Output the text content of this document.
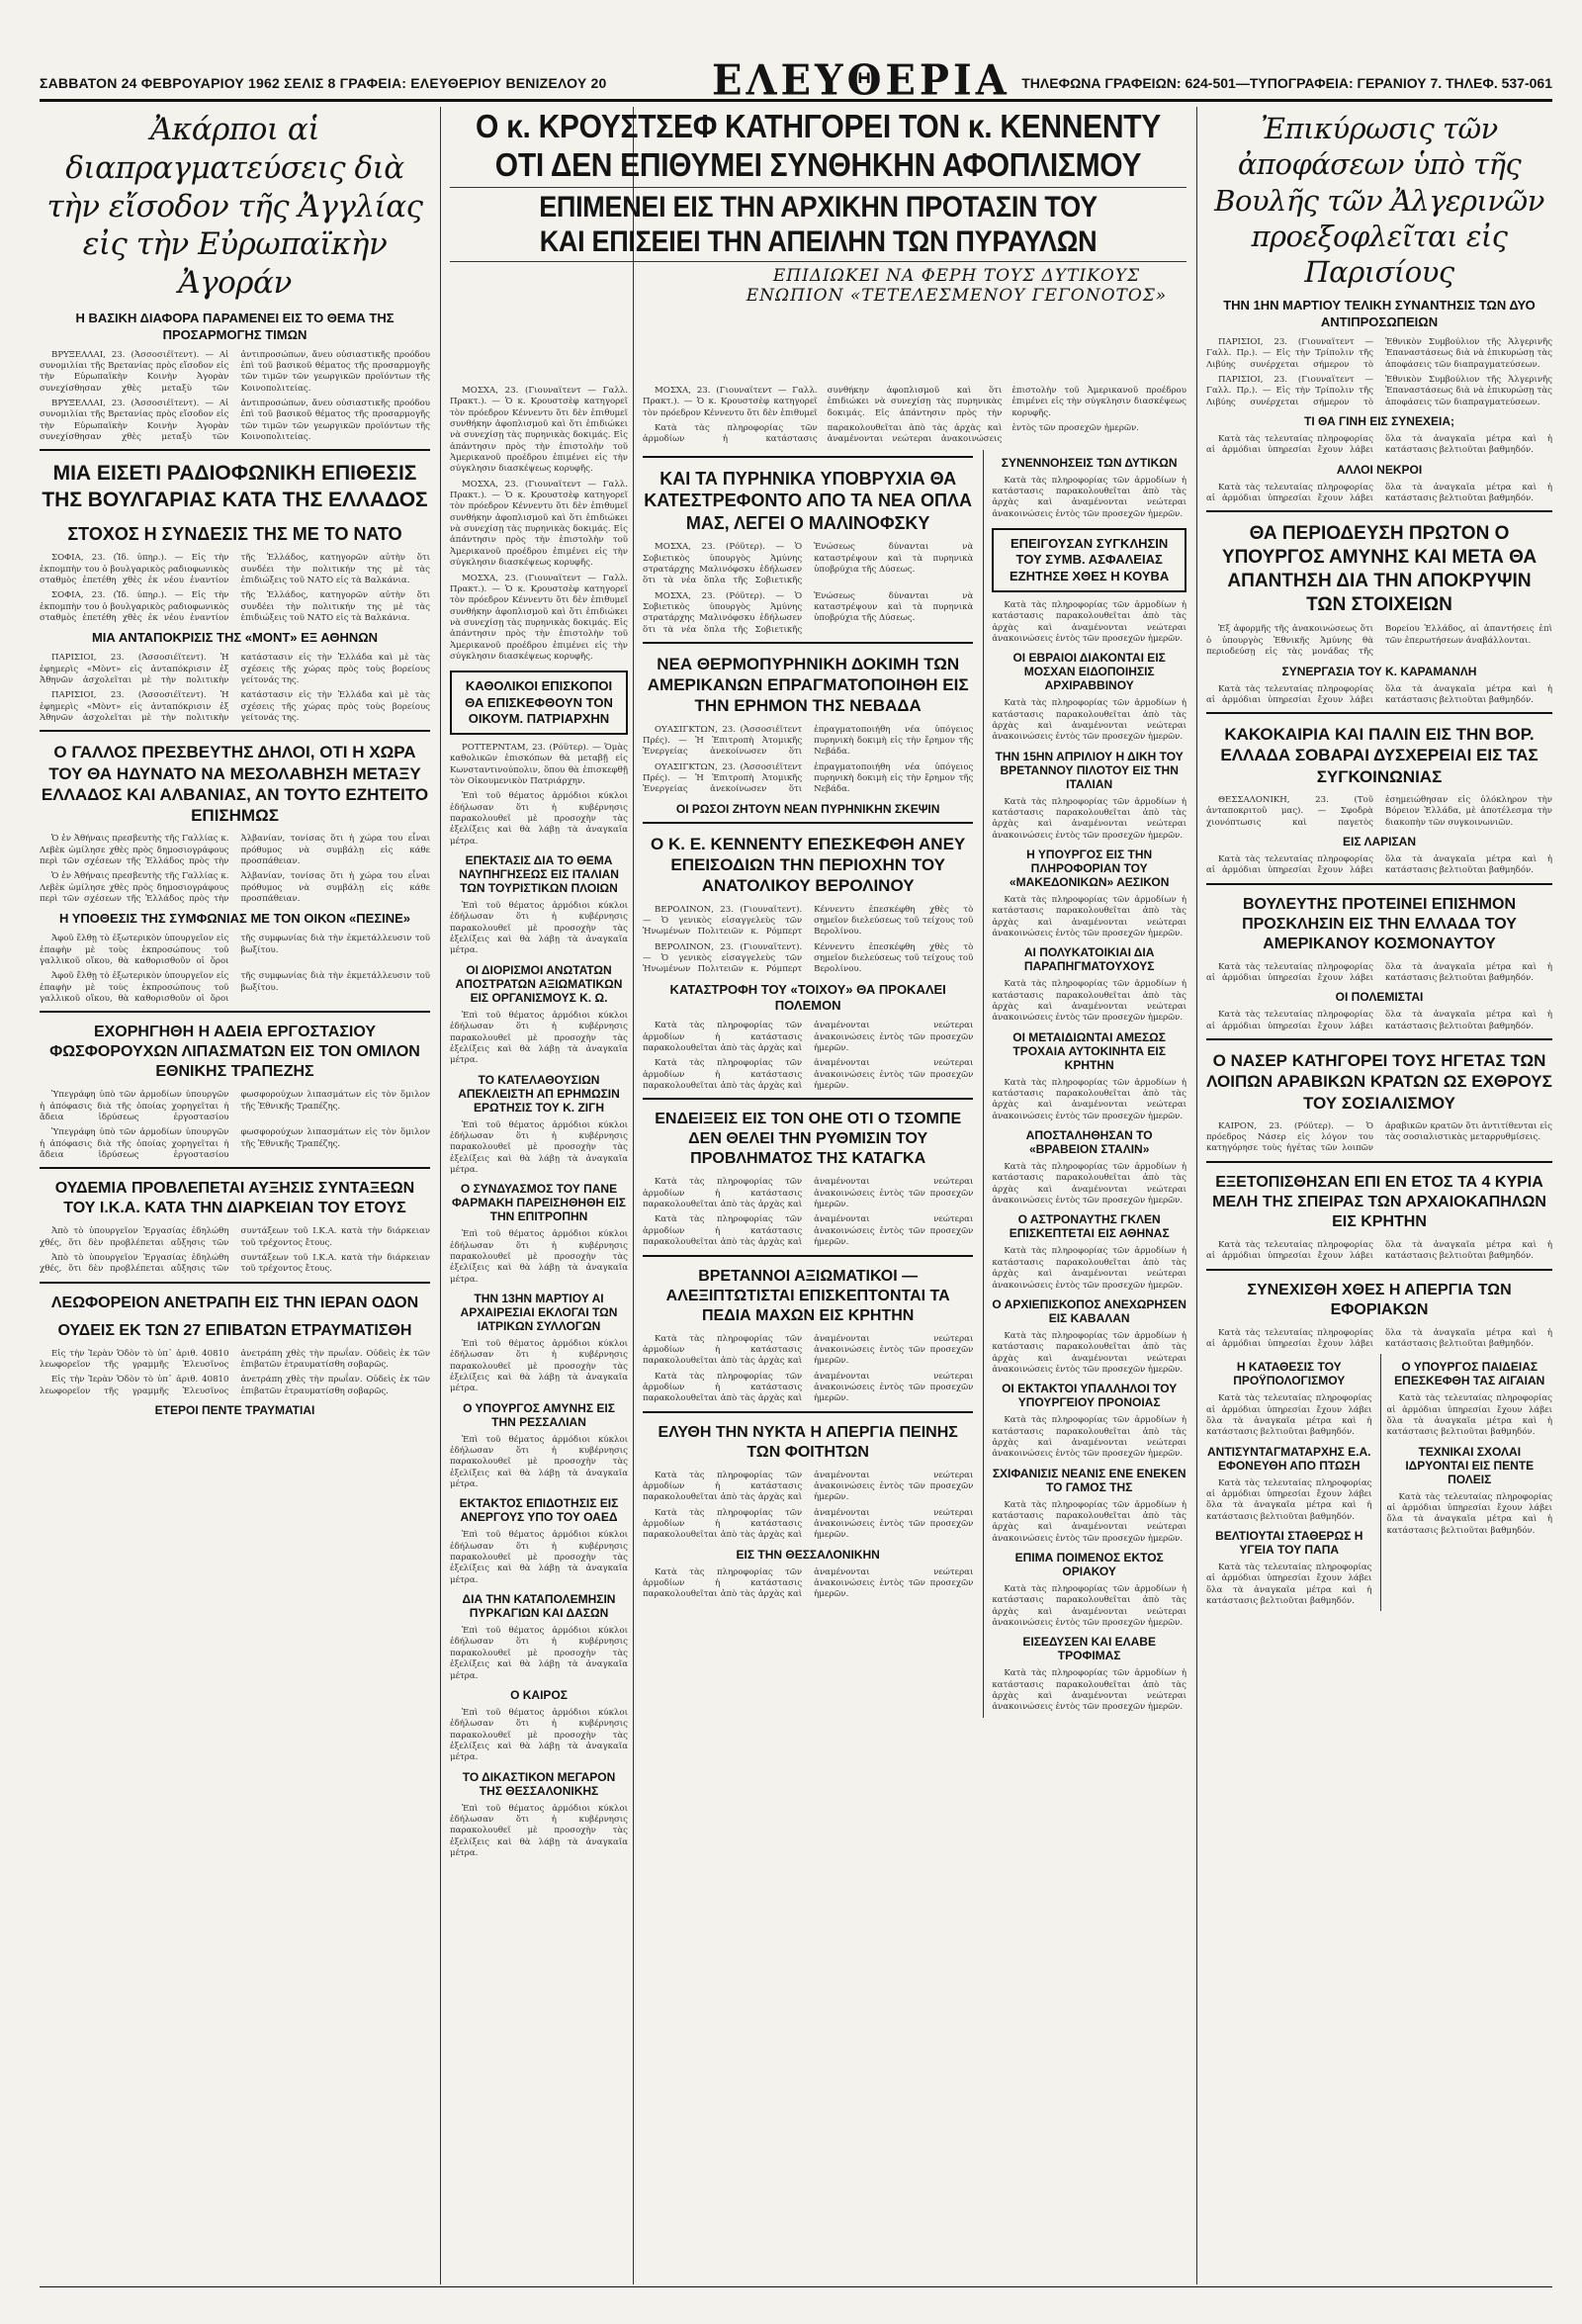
ΣΑΒΒΑΤΟΝ 24 ΦΕΒΡΟΥΑΡΙΟΥ 1962 ΣΕΛΙΣ 8 ΓΡΑΦΕΙΑ: ΕΛΕΥΘΕΡΙΟΥ ΒΕΝΙΖΕΛΟΥ 20	ΕΛΕΥΘΕΡΙΑ ΤΗΛΕΦΩΝΑ ΓΡΑΦΕΙΩΝ: 624-501—ΤΥΠΟΓΡΑΦΕΙΑ: ΓΕΡΑΝΙΟΥ 7. ΤΗΛΕΦ. 537-061
Ἀκάρποι αἱ διαπραγματεύσεις διὰ τὴν εἴσοδον τῆς Ἀγγλίας εἰς τὴν Εὐρωπαϊκὴν Ἀγοράν
Η ΒΑΣΙΚΗ ΔΙΑΦΟΡΑ ΠΑΡΑΜΕΝΕΙ ΕΙΣ ΤΟ ΘΕΜΑ ΤΗΣ ΠΡΟΣΑΡΜΟΓΗΣ ΤΙΜΩΝ
ΒΡΥΞΕΛΛΑΙ, 23. (Ἀσσοσιέϊτεντ). — Αἱ συνομιλίαι τῆς Βρετανίας πρὸς εἴσοδον εἰς τὴν Εὐρωπαϊκὴν Κοινὴν Ἀγορὰν συνεχίσθησαν χθὲς μεταξὺ τῶν ἀντιπροσώπων, ἄνευ οὐσιαστικῆς προόδου ἐπὶ τοῦ βασικοῦ θέματος τῆς προσαρμογῆς τῶν τιμῶν τῶν γεωργικῶν προϊόντων τῆς Κοινοπολιτείας.
ΒΡΥΞΕΛΛΑΙ, 23. (Ἀσσοσιέϊτεντ). — Αἱ συνομιλίαι τῆς Βρετανίας πρὸς εἴσοδον εἰς τὴν Εὐρωπαϊκὴν Κοινὴν Ἀγορὰν συνεχίσθησαν χθὲς μεταξὺ τῶν ἀντιπροσώπων, ἄνευ οὐσιαστικῆς προόδου ἐπὶ τοῦ βασικοῦ θέματος τῆς προσαρμογῆς τῶν τιμῶν τῶν γεωργικῶν προϊόντων τῆς Κοινοπολιτείας.
ΜΙΑ ΕΙΣΕΤΙ ΡΑΔΙΟΦΩΝΙΚΗ ΕΠΙΘΕΣΙΣ ΤΗΣ ΒΟΥΛΓΑΡΙΑΣ ΚΑΤΑ ΤΗΣ ΕΛΛΑΔΟΣ
ΣΤΟΧΟΣ Η ΣΥΝΔΕΣΙΣ ΤΗΣ ΜΕ ΤΟ ΝΑΤΟ
ΣΟΦΙΑ, 23. (Ἰδ. ὑπηρ.). — Εἰς τὴν ἐκπομπὴν του ὁ βουλγαρικὸς ραδιοφωνικὸς σταθμὸς ἐπετέθη χθὲς ἐκ νέου ἐναντίον τῆς Ἑλλάδος, κατηγορῶν αὐτὴν ὅτι συνδέει τὴν πολιτικήν της μὲ τὰς ἐπιδιώξεις τοῦ ΝΑΤΟ εἰς τὰ Βαλκάνια.
ΣΟΦΙΑ, 23. (Ἰδ. ὑπηρ.). — Εἰς τὴν ἐκπομπὴν του ὁ βουλγαρικὸς ραδιοφωνικὸς σταθμὸς ἐπετέθη χθὲς ἐκ νέου ἐναντίον τῆς Ἑλλάδος, κατηγορῶν αὐτὴν ὅτι συνδέει τὴν πολιτικήν της μὲ τὰς ἐπιδιώξεις τοῦ ΝΑΤΟ εἰς τὰ Βαλκάνια.
ΜΙΑ ΑΝΤΑΠΟΚΡΙΣΙΣ ΤΗΣ «ΜΟΝΤ» ΕΞ ΑΘΗΝΩΝ
ΠΑΡΙΣΙΟΙ, 23. (Ἀσσοσιέϊτεντ). Ἡ ἐφημερὶς «Μὸντ» εἰς ἀνταπόκρισιν ἐξ Ἀθηνῶν ἀσχολεῖται μὲ τὴν πολιτικὴν κατάστασιν εἰς τὴν Ἑλλάδα καὶ μὲ τὰς σχέσεις τῆς χώρας πρὸς τοὺς βορείους γείτονάς της.
ΠΑΡΙΣΙΟΙ, 23. (Ἀσσοσιέϊτεντ). Ἡ ἐφημερὶς «Μὸντ» εἰς ἀνταπόκρισιν ἐξ Ἀθηνῶν ἀσχολεῖται μὲ τὴν πολιτικὴν κατάστασιν εἰς τὴν Ἑλλάδα καὶ μὲ τὰς σχέσεις τῆς χώρας πρὸς τοὺς βορείους γείτονάς της.
Ο ΓΑΛΛΟΣ ΠΡΕΣΒΕΥΤΗΣ ΔΗΛΟΙ, ΟΤΙ Η ΧΩΡΑ ΤΟΥ ΘΑ ΗΔΥΝΑΤΟ ΝΑ ΜΕΣΟΛΑΒΗΣΗ ΜΕΤΑΞΥ ΕΛΛΑΔΟΣ ΚΑΙ ΑΛΒΑΝΙΑΣ, ΑΝ ΤΟΥΤΟ ΕΖΗΤΕΙΤΟ ΕΠΙΣΗΜΩΣ
Ὁ ἐν Ἀθήναις πρεσβευτὴς τῆς Γαλλίας κ. Λεβὲκ ὡμίλησε χθὲς πρὸς δημοσιογράφους περὶ τῶν σχέσεων τῆς Ἑλλάδος πρὸς τὴν Ἀλβανίαν, τονίσας ὅτι ἡ χώρα του εἶναι πρόθυμος νὰ συμβάλῃ εἰς κάθε προσπάθειαν.
Ὁ ἐν Ἀθήναις πρεσβευτὴς τῆς Γαλλίας κ. Λεβὲκ ὡμίλησε χθὲς πρὸς δημοσιογράφους περὶ τῶν σχέσεων τῆς Ἑλλάδος πρὸς τὴν Ἀλβανίαν, τονίσας ὅτι ἡ χώρα του εἶναι πρόθυμος νὰ συμβάλῃ εἰς κάθε προσπάθειαν.
Η ΥΠΟΘΕΣΙΣ ΤΗΣ ΣΥΜΦΩΝΙΑΣ ΜΕ ΤΟΝ ΟΙΚΟΝ «ΠΕΣΙΝΕ»
Ἀφοῦ ἔλθῃ τὸ ἐξωτερικὸν ὑπουργεῖον εἰς ἐπαφὴν μὲ τοὺς ἐκπροσώπους τοῦ γαλλικοῦ οἴκου, θὰ καθορισθοῦν οἱ ὅροι τῆς συμφωνίας διὰ τὴν ἐκμετάλλευσιν τοῦ βωξίτου.
Ἀφοῦ ἔλθῃ τὸ ἐξωτερικὸν ὑπουργεῖον εἰς ἐπαφὴν μὲ τοὺς ἐκπροσώπους τοῦ γαλλικοῦ οἴκου, θὰ καθορισθοῦν οἱ ὅροι τῆς συμφωνίας διὰ τὴν ἐκμετάλλευσιν τοῦ βωξίτου.
ΕΧΟΡΗΓΗΘΗ Η ΑΔΕΙΑ ΕΡΓΟΣΤΑΣΙΟΥ ΦΩΣΦΟΡΟΥΧΩΝ ΛΙΠΑΣΜΑΤΩΝ ΕΙΣ ΤΟΝ ΟΜΙΛΟΝ ΕΘΝΙΚΗΣ ΤΡΑΠΕΖΗΣ
Ὑπεγράφη ὑπὸ τῶν ἁρμοδίων ὑπουργῶν ἡ ἀπόφασις διὰ τῆς ὁποίας χορηγεῖται ἡ ἄδεια ἱδρύσεως ἐργοστασίου φωσφορούχων λιπασμάτων εἰς τὸν ὅμιλον τῆς Ἐθνικῆς Τραπέζης.
Ὑπεγράφη ὑπὸ τῶν ἁρμοδίων ὑπουργῶν ἡ ἀπόφασις διὰ τῆς ὁποίας χορηγεῖται ἡ ἄδεια ἱδρύσεως ἐργοστασίου φωσφορούχων λιπασμάτων εἰς τὸν ὅμιλον τῆς Ἐθνικῆς Τραπέζης.
ΟΥΔΕΜΙΑ ΠΡΟΒΛΕΠΕΤΑΙ ΑΥΞΗΣΙΣ ΣΥΝΤΑΞΕΩΝ ΤΟΥ Ι.Κ.Α. ΚΑΤΑ ΤΗΝ ΔΙΑΡΚΕΙΑΝ ΤΟΥ ΕΤΟΥΣ
Ἀπὸ τὸ ὑπουργεῖον Ἐργασίας ἐδηλώθη χθές, ὅτι δὲν προβλέπεται αὔξησις τῶν συντάξεων τοῦ Ι.Κ.Α. κατὰ τὴν διάρκειαν τοῦ τρέχοντος ἔτους.
Ἀπὸ τὸ ὑπουργεῖον Ἐργασίας ἐδηλώθη χθές, ὅτι δὲν προβλέπεται αὔξησις τῶν συντάξεων τοῦ Ι.Κ.Α. κατὰ τὴν διάρκειαν τοῦ τρέχοντος ἔτους.
ΛΕΩΦΟΡΕΙΟΝ ΑΝΕΤΡΑΠΗ ΕΙΣ ΤΗΝ ΙΕΡΑΝ ΟΔΟΝ
ΟΥΔΕΙΣ ΕΚ ΤΩΝ 27 ΕΠΙΒΑΤΩΝ ΕΤΡΑΥΜΑΤΙΣΘΗ
Εἰς τὴν Ἱερὰν Ὁδὸν τὸ ὑπ᾽ ἀριθ. 40810 λεωφορεῖον τῆς γραμμῆς Ἐλευσῖνος ἀνετράπη χθὲς τὴν πρωΐαν. Οὐδεὶς ἐκ τῶν ἐπιβατῶν ἐτραυματίσθη σοβαρῶς.
Εἰς τὴν Ἱερὰν Ὁδὸν τὸ ὑπ᾽ ἀριθ. 40810 λεωφορεῖον τῆς γραμμῆς Ἐλευσῖνος ἀνετράπη χθὲς τὴν πρωΐαν. Οὐδεὶς ἐκ τῶν ἐπιβατῶν ἐτραυματίσθη σοβαρῶς.
ΕΤΕΡΟΙ ΠΕΝΤΕ ΤΡΑΥΜΑΤΙΑΙ
Ο κ. ΚΡΟΥΣΤΣΕΦ ΚΑΤΗΓΟΡΕΙ ΤΟΝ κ. ΚΕΝΝΕΝΤΥ
ΟΤΙ ΔΕΝ ΕΠΙΘΥΜΕΙ ΣΥΝΘΗΚΗΝ ΑΦΟΠΛΙΣΜΟΥ
ΕΠΙΜΕΝΕΙ ΕΙΣ ΤΗΝ ΑΡΧΙΚΗΝ ΠΡΟΤΑΣΙΝ ΤΟΥ
ΚΑΙ ΕΠΙΣΕΙΕΙ ΤΗΝ ΑΠΕΙΛΗΝ ΤΩΝ ΠΥΡΑΥΛΩΝ
ΕΠΙΔΙΩΚΕΙ ΝΑ ΦΕΡΗ ΤΟΥΣ ΔΥΤΙΚΟΥΣ ΕΝΩΠΙΟΝ «ΤΕΤΕΛΕΣΜΕΝΟΥ ΓΕΓΟΝΟΤΟΣ»
ΜΟΣΧΑ, 23. (Γιουναϊτεντ — Γαλλ. Πρακτ.). — Ὁ κ. Κρουστσὲφ κατηγορεῖ τὸν πρόεδρον Κέννεντυ ὅτι δὲν ἐπιθυμεῖ συνθήκην ἀφοπλισμοῦ καὶ ὅτι ἐπιδιώκει νὰ συνεχίσῃ τὰς πυρηνικὰς δοκιμάς. Εἰς ἀπάντησιν πρὸς τὴν ἐπιστολὴν τοῦ Ἀμερικανοῦ προέδρου ἐπιμένει εἰς τὴν σύγκλησιν διασκέψεως κορυφῆς.
ΜΟΣΧΑ, 23. (Γιουναϊτεντ — Γαλλ. Πρακτ.). — Ὁ κ. Κρουστσὲφ κατηγορεῖ τὸν πρόεδρον Κέννεντυ ὅτι δὲν ἐπιθυμεῖ συνθήκην ἀφοπλισμοῦ καὶ ὅτι ἐπιδιώκει νὰ συνεχίσῃ τὰς πυρηνικὰς δοκιμάς. Εἰς ἀπάντησιν πρὸς τὴν ἐπιστολὴν τοῦ Ἀμερικανοῦ προέδρου ἐπιμένει εἰς τὴν σύγκλησιν διασκέψεως κορυφῆς.
ΜΟΣΧΑ, 23. (Γιουναϊτεντ — Γαλλ. Πρακτ.). — Ὁ κ. Κρουστσὲφ κατηγορεῖ τὸν πρόεδρον Κέννεντυ ὅτι δὲν ἐπιθυμεῖ συνθήκην ἀφοπλισμοῦ καὶ ὅτι ἐπιδιώκει νὰ συνεχίσῃ τὰς πυρηνικὰς δοκιμάς. Εἰς ἀπάντησιν πρὸς τὴν ἐπιστολὴν τοῦ Ἀμερικανοῦ προέδρου ἐπιμένει εἰς τὴν σύγκλησιν διασκέψεως κορυφῆς.
ΚΑΘΟΛΙΚΟΙ ΕΠΙΣΚΟΠΟΙ ΘΑ ΕΠΙΣΚΕΦΘΟΥΝ ΤΟΝ ΟΙΚΟΥΜ. ΠΑΤΡΙΑΡΧΗΝ
ΡΟΤΤΕΡΝΤΑΜ, 23. (Ρόϋτερ). — Ὁμὰς καθολικῶν ἐπισκόπων θὰ μεταβῇ εἰς Κωνσταντινούπολιν, ὅπου θὰ ἐπισκεφθῇ τὸν Οἰκουμενικὸν Πατριάρχην.
Ἐπὶ τοῦ θέματος ἁρμόδιοι κύκλοι ἐδήλωσαν ὅτι ἡ κυβέρνησις παρακολουθεῖ μὲ προσοχὴν τὰς ἐξελίξεις καὶ θὰ λάβῃ τὰ ἀναγκαῖα μέτρα.
ΕΠΕΚΤΑΣΙΣ ΔΙΑ ΤΟ ΘΕΜΑ ΝΑΥΠΗΓΗΣΕΩΣ ΕΙΣ ΙΤΑΛΙΑΝ ΤΩΝ ΤΟΥΡΙΣΤΙΚΩΝ ΠΛΟΙΩΝ
Ἐπὶ τοῦ θέματος ἁρμόδιοι κύκλοι ἐδήλωσαν ὅτι ἡ κυβέρνησις παρακολουθεῖ μὲ προσοχὴν τὰς ἐξελίξεις καὶ θὰ λάβῃ τὰ ἀναγκαῖα μέτρα.
ΟΙ ΔΙΟΡΙΣΜΟΙ ΑΝΩΤΑΤΩΝ ΑΠΟΣΤΡΑΤΩΝ ΑΞΙΩΜΑΤΙΚΩΝ ΕΙΣ ΟΡΓΑΝΙΣΜΟΥΣ Κ. Ω.
Ἐπὶ τοῦ θέματος ἁρμόδιοι κύκλοι ἐδήλωσαν ὅτι ἡ κυβέρνησις παρακολουθεῖ μὲ προσοχὴν τὰς ἐξελίξεις καὶ θὰ λάβῃ τὰ ἀναγκαῖα μέτρα.
ΤΟ ΚΑΤΕΛΑΘΟΥΣΙΩΝ ΑΠΕΚΛΕΙΣΤΗ ΑΠ ΕΡΗΜΩΣΙΝ ΕΡΩΤΗΣΙΣ ΤΟΥ Κ. ΖΙΓΗ
Ἐπὶ τοῦ θέματος ἁρμόδιοι κύκλοι ἐδήλωσαν ὅτι ἡ κυβέρνησις παρακολουθεῖ μὲ προσοχὴν τὰς ἐξελίξεις καὶ θὰ λάβῃ τὰ ἀναγκαῖα μέτρα.
Ο ΣΥΝΔΥΑΣΜΟΣ ΤΟΥ ΠΑΝΕ ΦΑΡΜΑΚΗ ΠΑΡΕΙΣΗΘΗΘΗ ΕΙΣ ΤΗΝ ΕΠΙΤΡΟΠΗΝ
Ἐπὶ τοῦ θέματος ἁρμόδιοι κύκλοι ἐδήλωσαν ὅτι ἡ κυβέρνησις παρακολουθεῖ μὲ προσοχὴν τὰς ἐξελίξεις καὶ θὰ λάβῃ τὰ ἀναγκαῖα μέτρα.
ΤΗΝ 13ΗΝ ΜΑΡΤΙΟΥ ΑΙ ΑΡΧΑΙΡΕΣΙΑΙ ΕΚΛΟΓΑΙ ΤΩΝ ΙΑΤΡΙΚΩΝ ΣΥΛΛΟΓΩΝ
Ἐπὶ τοῦ θέματος ἁρμόδιοι κύκλοι ἐδήλωσαν ὅτι ἡ κυβέρνησις παρακολουθεῖ μὲ προσοχὴν τὰς ἐξελίξεις καὶ θὰ λάβῃ τὰ ἀναγκαῖα μέτρα.
Ο ΥΠΟΥΡΓΟΣ ΑΜΥΝΗΣ ΕΙΣ ΤΗΝ ΡΕΣΣΑΛΙΑΝ
Ἐπὶ τοῦ θέματος ἁρμόδιοι κύκλοι ἐδήλωσαν ὅτι ἡ κυβέρνησις παρακολουθεῖ μὲ προσοχὴν τὰς ἐξελίξεις καὶ θὰ λάβῃ τὰ ἀναγκαῖα μέτρα.
ΕΚΤΑΚΤΟΣ ΕΠΙΔΟΤΗΣΙΣ ΕΙΣ ΑΝΕΡΓΟΥΣ ΥΠΟ ΤΟΥ ΟΑΕΔ
Ἐπὶ τοῦ θέματος ἁρμόδιοι κύκλοι ἐδήλωσαν ὅτι ἡ κυβέρνησις παρακολουθεῖ μὲ προσοχὴν τὰς ἐξελίξεις καὶ θὰ λάβῃ τὰ ἀναγκαῖα μέτρα.
ΔΙΑ ΤΗΝ ΚΑΤΑΠΟΛΕΜΗΣΙΝ ΠΥΡΚΑΓΙΩΝ ΚΑΙ ΔΑΣΩΝ
Ἐπὶ τοῦ θέματος ἁρμόδιοι κύκλοι ἐδήλωσαν ὅτι ἡ κυβέρνησις παρακολουθεῖ μὲ προσοχὴν τὰς ἐξελίξεις καὶ θὰ λάβῃ τὰ ἀναγκαῖα μέτρα.
Ο ΚΑΙΡΟΣ
Ἐπὶ τοῦ θέματος ἁρμόδιοι κύκλοι ἐδήλωσαν ὅτι ἡ κυβέρνησις παρακολουθεῖ μὲ προσοχὴν τὰς ἐξελίξεις καὶ θὰ λάβῃ τὰ ἀναγκαῖα μέτρα.
ΤΟ ΔΙΚΑΣΤΙΚΟΝ ΜΕΓΑΡΟΝ ΤΗΣ ΘΕΣΣΑΛΟΝΙΚΗΣ
Ἐπὶ τοῦ θέματος ἁρμόδιοι κύκλοι ἐδήλωσαν ὅτι ἡ κυβέρνησις παρακολουθεῖ μὲ προσοχὴν τὰς ἐξελίξεις καὶ θὰ λάβῃ τὰ ἀναγκαῖα μέτρα.
ΜΟΣΧΑ, 23. (Γιουναϊτεντ — Γαλλ. Πρακτ.). — Ὁ κ. Κρουστσὲφ κατηγορεῖ τὸν πρόεδρον Κέννεντυ ὅτι δὲν ἐπιθυμεῖ συνθήκην ἀφοπλισμοῦ καὶ ὅτι ἐπιδιώκει νὰ συνεχίσῃ τὰς πυρηνικὰς δοκιμάς. Εἰς ἀπάντησιν πρὸς τὴν ἐπιστολὴν τοῦ Ἀμερικανοῦ προέδρου ἐπιμένει εἰς τὴν σύγκλησιν διασκέψεως κορυφῆς.
Κατὰ τὰς πληροφορίας τῶν ἁρμοδίων ἡ κατάστασις παρακολουθεῖται ἀπὸ τὰς ἀρχὰς καὶ ἀναμένονται νεώτεραι ἀνακοινώσεις ἐντὸς τῶν προσεχῶν ἡμερῶν.
ΚΑΙ ΤΑ ΠΥΡΗΝΙΚΑ ΥΠΟΒΡΥΧΙΑ ΘΑ ΚΑΤΕΣΤΡΕΦΟΝΤΟ ΑΠΟ ΤΑ ΝΕΑ ΟΠΛΑ ΜΑΣ, ΛΕΓΕΙ Ο ΜΑΛΙΝΟΦΣΚΥ
ΜΟΣΧΑ, 23. (Ρόϋτερ). — Ὁ Σοβιετικὸς ὑπουργὸς Ἀμύνης στρατάρχης Μαλινόφσκυ ἐδήλωσεν ὅτι τὰ νέα ὅπλα τῆς Σοβιετικῆς Ἑνώσεως δύνανται νὰ καταστρέψουν καὶ τὰ πυρηνικὰ ὑποβρύχια τῆς Δύσεως.
ΜΟΣΧΑ, 23. (Ρόϋτερ). — Ὁ Σοβιετικὸς ὑπουργὸς Ἀμύνης στρατάρχης Μαλινόφσκυ ἐδήλωσεν ὅτι τὰ νέα ὅπλα τῆς Σοβιετικῆς Ἑνώσεως δύνανται νὰ καταστρέψουν καὶ τὰ πυρηνικὰ ὑποβρύχια τῆς Δύσεως.
ΝΕΑ ΘΕΡΜΟΠΥΡΗΝΙΚΗ ΔΟΚΙΜΗ ΤΩΝ ΑΜΕΡΙΚΑΝΩΝ ΕΠΡΑΓΜΑΤΟΠΟΙΗΘΗ ΕΙΣ ΤΗΝ ΕΡΗΜΟΝ ΤΗΣ ΝΕΒΑΔΑ
ΟΥΑΣΙΓΚΤΩΝ, 23. (Ἀσσοσιέϊτεντ Πρές). — Ἡ Ἐπιτροπὴ Ἀτομικῆς Ἐνεργείας ἀνεκοίνωσεν ὅτι ἐπραγματοποιήθη νέα ὑπόγειος πυρηνικὴ δοκιμὴ εἰς τὴν ἔρημον τῆς Νεβάδα.
ΟΥΑΣΙΓΚΤΩΝ, 23. (Ἀσσοσιέϊτεντ Πρές). — Ἡ Ἐπιτροπὴ Ἀτομικῆς Ἐνεργείας ἀνεκοίνωσεν ὅτι ἐπραγματοποιήθη νέα ὑπόγειος πυρηνικὴ δοκιμὴ εἰς τὴν ἔρημον τῆς Νεβάδα.
ΟΙ ΡΩΣΟΙ ΖΗΤΟΥΝ ΝΕΑΝ ΠΥΡΗΝΙΚΗΝ ΣΚΕΨΙΝ
Ο Κ. Ε. ΚΕΝΝΕΝΤΥ ΕΠΕΣΚΕΦΘΗ ΑΝΕΥ ΕΠΕΙΣΟΔΙΩΝ ΤΗΝ ΠΕΡΙΟΧΗΝ ΤΟΥ ΑΝΑΤΟΛΙΚΟΥ ΒΕΡΟΛΙΝΟΥ
ΒΕΡΟΛΙΝΟΝ, 23. (Γιουναϊτεντ). — Ὁ γενικὸς εἰσαγγελεὺς τῶν Ἡνωμένων Πολιτειῶν κ. Ρόμπερτ Κέννεντυ ἐπεσκέφθη χθὲς τὸ σημεῖον διελεύσεως τοῦ τείχους τοῦ Βερολίνου.
ΒΕΡΟΛΙΝΟΝ, 23. (Γιουναϊτεντ). — Ὁ γενικὸς εἰσαγγελεὺς τῶν Ἡνωμένων Πολιτειῶν κ. Ρόμπερτ Κέννεντυ ἐπεσκέφθη χθὲς τὸ σημεῖον διελεύσεως τοῦ τείχους τοῦ Βερολίνου.
ΚΑΤΑΣΤΡΟΦΗ ΤΟΥ «ΤΟΙΧΟΥ» ΘΑ ΠΡΟΚΑΛΕΙ ΠΟΛΕΜΟΝ
Κατὰ τὰς πληροφορίας τῶν ἁρμοδίων ἡ κατάστασις παρακολουθεῖται ἀπὸ τὰς ἀρχὰς καὶ ἀναμένονται νεώτεραι ἀνακοινώσεις ἐντὸς τῶν προσεχῶν ἡμερῶν.
Κατὰ τὰς πληροφορίας τῶν ἁρμοδίων ἡ κατάστασις παρακολουθεῖται ἀπὸ τὰς ἀρχὰς καὶ ἀναμένονται νεώτεραι ἀνακοινώσεις ἐντὸς τῶν προσεχῶν ἡμερῶν.
ΕΝΔΕΙΞΕΙΣ ΕΙΣ ΤΟΝ ΟΗΕ ΟΤΙ Ο ΤΣΟΜΠΕ ΔΕΝ ΘΕΛΕΙ ΤΗΝ ΡΥΘΜΙΣΙΝ ΤΟΥ ΠΡΟΒΛΗΜΑΤΟΣ ΤΗΣ ΚΑΤΑΓΚΑ
Κατὰ τὰς πληροφορίας τῶν ἁρμοδίων ἡ κατάστασις παρακολουθεῖται ἀπὸ τὰς ἀρχὰς καὶ ἀναμένονται νεώτεραι ἀνακοινώσεις ἐντὸς τῶν προσεχῶν ἡμερῶν.
Κατὰ τὰς πληροφορίας τῶν ἁρμοδίων ἡ κατάστασις παρακολουθεῖται ἀπὸ τὰς ἀρχὰς καὶ ἀναμένονται νεώτεραι ἀνακοινώσεις ἐντὸς τῶν προσεχῶν ἡμερῶν.
ΒΡΕΤΑΝΝΟΙ ΑΞΙΩΜΑΤΙΚΟΙ — ΑΛΕΞΙΠΤΩΤΙΣΤΑΙ ΕΠΙΣΚΕΠΤΟΝΤΑΙ ΤΑ ΠΕΔΙΑ ΜΑΧΩΝ ΕΙΣ ΚΡΗΤΗΝ
Κατὰ τὰς πληροφορίας τῶν ἁρμοδίων ἡ κατάστασις παρακολουθεῖται ἀπὸ τὰς ἀρχὰς καὶ ἀναμένονται νεώτεραι ἀνακοινώσεις ἐντὸς τῶν προσεχῶν ἡμερῶν.
Κατὰ τὰς πληροφορίας τῶν ἁρμοδίων ἡ κατάστασις παρακολουθεῖται ἀπὸ τὰς ἀρχὰς καὶ ἀναμένονται νεώτεραι ἀνακοινώσεις ἐντὸς τῶν προσεχῶν ἡμερῶν.
ΕΛΥΘΗ ΤΗΝ ΝΥΚΤΑ Η ΑΠΕΡΓΙΑ ΠΕΙΝΗΣ ΤΩΝ ΦΟΙΤΗΤΩΝ
Κατὰ τὰς πληροφορίας τῶν ἁρμοδίων ἡ κατάστασις παρακολουθεῖται ἀπὸ τὰς ἀρχὰς καὶ ἀναμένονται νεώτεραι ἀνακοινώσεις ἐντὸς τῶν προσεχῶν ἡμερῶν.
Κατὰ τὰς πληροφορίας τῶν ἁρμοδίων ἡ κατάστασις παρακολουθεῖται ἀπὸ τὰς ἀρχὰς καὶ ἀναμένονται νεώτεραι ἀνακοινώσεις ἐντὸς τῶν προσεχῶν ἡμερῶν.
ΕΙΣ ΤΗΝ ΘΕΣΣΑΛΟΝΙΚΗΝ
Κατὰ τὰς πληροφορίας τῶν ἁρμοδίων ἡ κατάστασις παρακολουθεῖται ἀπὸ τὰς ἀρχὰς καὶ ἀναμένονται νεώτεραι ἀνακοινώσεις ἐντὸς τῶν προσεχῶν ἡμερῶν.
ΣΥΝΕΝΝΟΗΣΕΙΣ ΤΩΝ ΔΥΤΙΚΩΝ
Κατὰ τὰς πληροφορίας τῶν ἁρμοδίων ἡ κατάστασις παρακολουθεῖται ἀπὸ τὰς ἀρχὰς καὶ ἀναμένονται νεώτεραι ἀνακοινώσεις ἐντὸς τῶν προσεχῶν ἡμερῶν.
ΕΠΕΙΓΟΥΣΑΝ ΣΥΓΚΛΗΣΙΝ ΤΟΥ ΣΥΜΒ. ΑΣΦΑΛΕΙΑΣ ΕΖΗΤΗΣΕ ΧΘΕΣ Η ΚΟΥΒΑ
Κατὰ τὰς πληροφορίας τῶν ἁρμοδίων ἡ κατάστασις παρακολουθεῖται ἀπὸ τὰς ἀρχὰς καὶ ἀναμένονται νεώτεραι ἀνακοινώσεις ἐντὸς τῶν προσεχῶν ἡμερῶν.
ΟΙ ΕΒΡΑΙΟΙ ΔΙΑΚΟΝΤΑΙ ΕΙΣ ΜΟΣΧΑΝ ΕΙΔΟΠΟΙΗΣΙΣ ΑΡΧΙΡΑΒΒΙΝΟΥ
Κατὰ τὰς πληροφορίας τῶν ἁρμοδίων ἡ κατάστασις παρακολουθεῖται ἀπὸ τὰς ἀρχὰς καὶ ἀναμένονται νεώτεραι ἀνακοινώσεις ἐντὸς τῶν προσεχῶν ἡμερῶν.
ΤΗΝ 15ΗΝ ΑΠΡΙΛΙΟΥ Η ΔΙΚΗ ΤΟΥ ΒΡΕΤΑΝΝΟΥ ΠΙΛΟΤΟΥ ΕΙΣ ΤΗΝ ΙΤΑΛΙΑΝ
Κατὰ τὰς πληροφορίας τῶν ἁρμοδίων ἡ κατάστασις παρακολουθεῖται ἀπὸ τὰς ἀρχὰς καὶ ἀναμένονται νεώτεραι ἀνακοινώσεις ἐντὸς τῶν προσεχῶν ἡμερῶν.
Η ΥΠΟΥΡΓΟΣ ΕΙΣ ΤΗΝ ΠΛΗΡΟΦΟΡΙΑΝ ΤΟΥ «ΜΑΚΕΔΟΝΙΚΩΝ» ΑΕΣΙΚΟΝ
Κατὰ τὰς πληροφορίας τῶν ἁρμοδίων ἡ κατάστασις παρακολουθεῖται ἀπὸ τὰς ἀρχὰς καὶ ἀναμένονται νεώτεραι ἀνακοινώσεις ἐντὸς τῶν προσεχῶν ἡμερῶν.
ΑΙ ΠΟΛΥΚΑΤΟΙΚΙΑΙ ΔΙΑ ΠΑΡΑΠΗΓΜΑΤΟΥΧΟΥΣ
Κατὰ τὰς πληροφορίας τῶν ἁρμοδίων ἡ κατάστασις παρακολουθεῖται ἀπὸ τὰς ἀρχὰς καὶ ἀναμένονται νεώτεραι ἀνακοινώσεις ἐντὸς τῶν προσεχῶν ἡμερῶν.
ΟΙ ΜΕΤΑΙΔΙΩΝΤΑΙ ΑΜΕΣΩΣ ΤΡΟΧΑΙΑ ΑΥΤΟΚΙΝΗΤΑ ΕΙΣ ΚΡΗΤΗΝ
Κατὰ τὰς πληροφορίας τῶν ἁρμοδίων ἡ κατάστασις παρακολουθεῖται ἀπὸ τὰς ἀρχὰς καὶ ἀναμένονται νεώτεραι ἀνακοινώσεις ἐντὸς τῶν προσεχῶν ἡμερῶν.
ΑΠΟΣΤΑΛΗΘΗΣΑΝ ΤΟ «ΒΡΑΒΕΙΟΝ ΣΤΑΛΙΝ»
Κατὰ τὰς πληροφορίας τῶν ἁρμοδίων ἡ κατάστασις παρακολουθεῖται ἀπὸ τὰς ἀρχὰς καὶ ἀναμένονται νεώτεραι ἀνακοινώσεις ἐντὸς τῶν προσεχῶν ἡμερῶν.
Ο ΑΣΤΡΟΝΑΥΤΗΣ ΓΚΛΕΝ ΕΠΙΣΚΕΠΤΕΤΑΙ ΕΙΣ ΑΘΗΝΑΣ
Κατὰ τὰς πληροφορίας τῶν ἁρμοδίων ἡ κατάστασις παρακολουθεῖται ἀπὸ τὰς ἀρχὰς καὶ ἀναμένονται νεώτεραι ἀνακοινώσεις ἐντὸς τῶν προσεχῶν ἡμερῶν.
Ο ΑΡΧΙΕΠΙΣΚΟΠΟΣ ΑΝΕΧΩΡΗΣΕΝ ΕΙΣ ΚΑΒΑΛΑΝ
Κατὰ τὰς πληροφορίας τῶν ἁρμοδίων ἡ κατάστασις παρακολουθεῖται ἀπὸ τὰς ἀρχὰς καὶ ἀναμένονται νεώτεραι ἀνακοινώσεις ἐντὸς τῶν προσεχῶν ἡμερῶν.
ΟΙ ΕΚΤΑΚΤΟΙ ΥΠΑΛΛΗΛΟΙ ΤΟΥ ΥΠΟΥΡΓΕΙΟΥ ΠΡΟΝΟΙΑΣ
Κατὰ τὰς πληροφορίας τῶν ἁρμοδίων ἡ κατάστασις παρακολουθεῖται ἀπὸ τὰς ἀρχὰς καὶ ἀναμένονται νεώτεραι ἀνακοινώσεις ἐντὸς τῶν προσεχῶν ἡμερῶν.
ΣΧΙΦΑΝΙΣΙΣ ΝΕΑΝΙΣ ΕΝΕ ΕΝΕΚΕΝ ΤΟ ΓΑΜΟΣ ΤΗΣ
Κατὰ τὰς πληροφορίας τῶν ἁρμοδίων ἡ κατάστασις παρακολουθεῖται ἀπὸ τὰς ἀρχὰς καὶ ἀναμένονται νεώτεραι ἀνακοινώσεις ἐντὸς τῶν προσεχῶν ἡμερῶν.
ΕΠΙΜΑ ΠΟΙΜΕΝΟΣ ΕΚΤΟΣ ΟΡΙΑΚΟΥ
Κατὰ τὰς πληροφορίας τῶν ἁρμοδίων ἡ κατάστασις παρακολουθεῖται ἀπὸ τὰς ἀρχὰς καὶ ἀναμένονται νεώτεραι ἀνακοινώσεις ἐντὸς τῶν προσεχῶν ἡμερῶν.
ΕΙΣΕΔΥΣΕΝ ΚΑΙ ΕΛΑΒΕ ΤΡΟΦΙΜΑΣ
Κατὰ τὰς πληροφορίας τῶν ἁρμοδίων ἡ κατάστασις παρακολουθεῖται ἀπὸ τὰς ἀρχὰς καὶ ἀναμένονται νεώτεραι ἀνακοινώσεις ἐντὸς τῶν προσεχῶν ἡμερῶν.
Ἐπικύρωσις τῶν ἀποφάσεων ὑπὸ τῆς Βουλῆς τῶν Ἀλγερινῶν προεξοφλεῖται εἰς Παρισίους
ΤΗΝ 1ΗΝ ΜΑΡΤΙΟΥ ΤΕΛΙΚΗ ΣΥΝΑΝΤΗΣΙΣ ΤΩΝ ΔΥΟ ΑΝΤΙΠΡΟΣΩΠΕΙΩΝ
ΠΑΡΙΣΙΟΙ, 23. (Γιουναϊτεντ — Γαλλ. Πρ.). — Εἰς τὴν Τρίπολιν τῆς Λιβύης συνέρχεται σήμερον τὸ Ἐθνικὸν Συμβούλιον τῆς Ἀλγερινῆς Ἐπαναστάσεως διὰ νὰ ἐπικυρώσῃ τὰς ἀποφάσεις τῶν διαπραγματεύσεων.
ΠΑΡΙΣΙΟΙ, 23. (Γιουναϊτεντ — Γαλλ. Πρ.). — Εἰς τὴν Τρίπολιν τῆς Λιβύης συνέρχεται σήμερον τὸ Ἐθνικὸν Συμβούλιον τῆς Ἀλγερινῆς Ἐπαναστάσεως διὰ νὰ ἐπικυρώσῃ τὰς ἀποφάσεις τῶν διαπραγματεύσεων.
ΤΙ ΘΑ ΓΙΝΗ ΕΙΣ ΣΥΝΕΧΕΙΑ;
Κατὰ τὰς τελευταίας πληροφορίας αἱ ἀρμόδιαι ὑπηρεσίαι ἔχουν λάβει ὅλα τὰ ἀναγκαῖα μέτρα καὶ ἡ κατάστασις βελτιοῦται βαθμηδόν.
ΑΛΛΟΙ ΝΕΚΡΟΙ
Κατὰ τὰς τελευταίας πληροφορίας αἱ ἀρμόδιαι ὑπηρεσίαι ἔχουν λάβει ὅλα τὰ ἀναγκαῖα μέτρα καὶ ἡ κατάστασις βελτιοῦται βαθμηδόν.
ΘΑ ΠΕΡΙΟΔΕΥΣΗ ΠΡΩΤΟΝ Ο ΥΠΟΥΡΓΟΣ ΑΜΥΝΗΣ ΚΑΙ ΜΕΤΑ ΘΑ ΑΠΑΝΤΗΣΗ ΔΙΑ ΤΗΝ ΑΠΟΚΡΥΨΙΝ ΤΩΝ ΣΤΟΙΧΕΙΩΝ
Ἐξ ἀφορμῆς τῆς ἀνακοινώσεως ὅτι ὁ ὑπουργὸς Ἐθνικῆς Ἀμύνης θὰ περιοδεύσῃ εἰς τὰς μονάδας τῆς Βορείου Ἑλλάδος, αἱ ἀπαντήσεις ἐπὶ τῶν ἐπερωτήσεων ἀναβάλλονται.
ΣΥΝΕΡΓΑΣΙΑ ΤΟΥ Κ. ΚΑΡΑΜΑΝΛΗ
Κατὰ τὰς τελευταίας πληροφορίας αἱ ἀρμόδιαι ὑπηρεσίαι ἔχουν λάβει ὅλα τὰ ἀναγκαῖα μέτρα καὶ ἡ κατάστασις βελτιοῦται βαθμηδόν.
ΚΑΚΟΚΑΙΡΙΑ ΚΑΙ ΠΑΛΙΝ ΕΙΣ ΤΗΝ ΒΟΡ. ΕΛΛΑΔΑ ΣΟΒΑΡΑΙ ΔΥΣΧΕΡΕΙΑΙ ΕΙΣ ΤΑΣ ΣΥΓΚΟΙΝΩΝΙΑΣ
ΘΕΣΣΑΛΟΝΙΚΗ, 23. (Τοῦ ἀνταποκριτοῦ μας). — Σφοδρὰ χιονόπτωσις καὶ παγετὸς ἐσημειώθησαν εἰς ὁλόκληρον τὴν Βόρειον Ἑλλάδα, μὲ ἀποτέλεσμα τὴν διακοπὴν τῶν συγκοινωνιῶν.
ΕΙΣ ΛΑΡΙΣΑΝ
Κατὰ τὰς τελευταίας πληροφορίας αἱ ἀρμόδιαι ὑπηρεσίαι ἔχουν λάβει ὅλα τὰ ἀναγκαῖα μέτρα καὶ ἡ κατάστασις βελτιοῦται βαθμηδόν.
ΒΟΥΛΕΥΤΗΣ ΠΡΟΤΕΙΝΕΙ ΕΠΙΣΗΜΟΝ ΠΡΟΣΚΛΗΣΙΝ ΕΙΣ ΤΗΝ ΕΛΛΑΔΑ ΤΟΥ ΑΜΕΡΙΚΑΝΟΥ ΚΟΣΜΟΝΑΥΤΟΥ
Κατὰ τὰς τελευταίας πληροφορίας αἱ ἀρμόδιαι ὑπηρεσίαι ἔχουν λάβει ὅλα τὰ ἀναγκαῖα μέτρα καὶ ἡ κατάστασις βελτιοῦται βαθμηδόν.
ΟΙ ΠΟΛΕΜΙΣΤΑΙ
Κατὰ τὰς τελευταίας πληροφορίας αἱ ἀρμόδιαι ὑπηρεσίαι ἔχουν λάβει ὅλα τὰ ἀναγκαῖα μέτρα καὶ ἡ κατάστασις βελτιοῦται βαθμηδόν.
Ο ΝΑΣΕΡ ΚΑΤΗΓΟΡΕΙ ΤΟΥΣ ΗΓΕΤΑΣ ΤΩΝ ΛΟΙΠΩΝ ΑΡΑΒΙΚΩΝ ΚΡΑΤΩΝ ΩΣ ΕΧΘΡΟΥΣ ΤΟΥ ΣΟΣΙΑΛΙΣΜΟΥ
ΚΑΙΡΟΝ, 23. (Ρόϋτερ). — Ὁ πρόεδρος Νάσερ εἰς λόγον του κατηγόρησε τοὺς ἡγέτας τῶν λοιπῶν ἀραβικῶν κρατῶν ὅτι ἀντιτίθενται εἰς τὰς σοσιαλιστικὰς μεταρρυθμίσεις.
ΕΞΕΤΟΠΙΣΘΗΣΑΝ ΕΠΙ ΕΝ ΕΤΟΣ ΤΑ 4 ΚΥΡΙΑ ΜΕΛΗ ΤΗΣ ΣΠΕΙΡΑΣ ΤΩΝ ΑΡΧΑΙΟΚΑΠΗΛΩΝ ΕΙΣ ΚΡΗΤΗΝ
Κατὰ τὰς τελευταίας πληροφορίας αἱ ἀρμόδιαι ὑπηρεσίαι ἔχουν λάβει ὅλα τὰ ἀναγκαῖα μέτρα καὶ ἡ κατάστασις βελτιοῦται βαθμηδόν.
ΣΥΝΕΧΙΣΘΗ ΧΘΕΣ Η ΑΠΕΡΓΙΑ ΤΩΝ ΕΦΟΡΙΑΚΩΝ
Κατὰ τὰς τελευταίας πληροφορίας αἱ ἀρμόδιαι ὑπηρεσίαι ἔχουν λάβει ὅλα τὰ ἀναγκαῖα μέτρα καὶ ἡ κατάστασις βελτιοῦται βαθμηδόν.
Η ΚΑΤΑΘΕΣΙΣ ΤΟΥ ΠΡΟΫΠΟΛΟΓΙΣΜΟΥ
Κατὰ τὰς τελευταίας πληροφορίας αἱ ἀρμόδιαι ὑπηρεσίαι ἔχουν λάβει ὅλα τὰ ἀναγκαῖα μέτρα καὶ ἡ κατάστασις βελτιοῦται βαθμηδόν.
ΑΝΤΙΣΥΝΤΑΓΜΑΤΑΡΧΗΣ Ε.Α. ΕΦΟΝΕΥΘΗ ΑΠΟ ΠΤΩΣΗ
Κατὰ τὰς τελευταίας πληροφορίας αἱ ἀρμόδιαι ὑπηρεσίαι ἔχουν λάβει ὅλα τὰ ἀναγκαῖα μέτρα καὶ ἡ κατάστασις βελτιοῦται βαθμηδόν.
ΒΕΛΤΙΟΥΤΑΙ ΣΤΑΘΕΡΩΣ Η ΥΓΕΙΑ ΤΟΥ ΠΑΠΑ
Κατὰ τὰς τελευταίας πληροφορίας αἱ ἀρμόδιαι ὑπηρεσίαι ἔχουν λάβει ὅλα τὰ ἀναγκαῖα μέτρα καὶ ἡ κατάστασις βελτιοῦται βαθμηδόν.
Ο ΥΠΟΥΡΓΟΣ ΠΑΙΔΕΙΑΣ ΕΠΕΣΚΕΦΘΗ ΤΑΣ ΑΙΓΑΙΑΝ
Κατὰ τὰς τελευταίας πληροφορίας αἱ ἀρμόδιαι ὑπηρεσίαι ἔχουν λάβει ὅλα τὰ ἀναγκαῖα μέτρα καὶ ἡ κατάστασις βελτιοῦται βαθμηδόν.
ΤΕΧΝΙΚΑΙ ΣΧΟΛΑΙ ΙΔΡΥΟΝΤΑΙ ΕΙΣ ΠΕΝΤΕ ΠΟΛΕΙΣ
Κατὰ τὰς τελευταίας πληροφορίας αἱ ἀρμόδιαι ὑπηρεσίαι ἔχουν λάβει ὅλα τὰ ἀναγκαῖα μέτρα καὶ ἡ κατάστασις βελτιοῦται βαθμηδόν.
